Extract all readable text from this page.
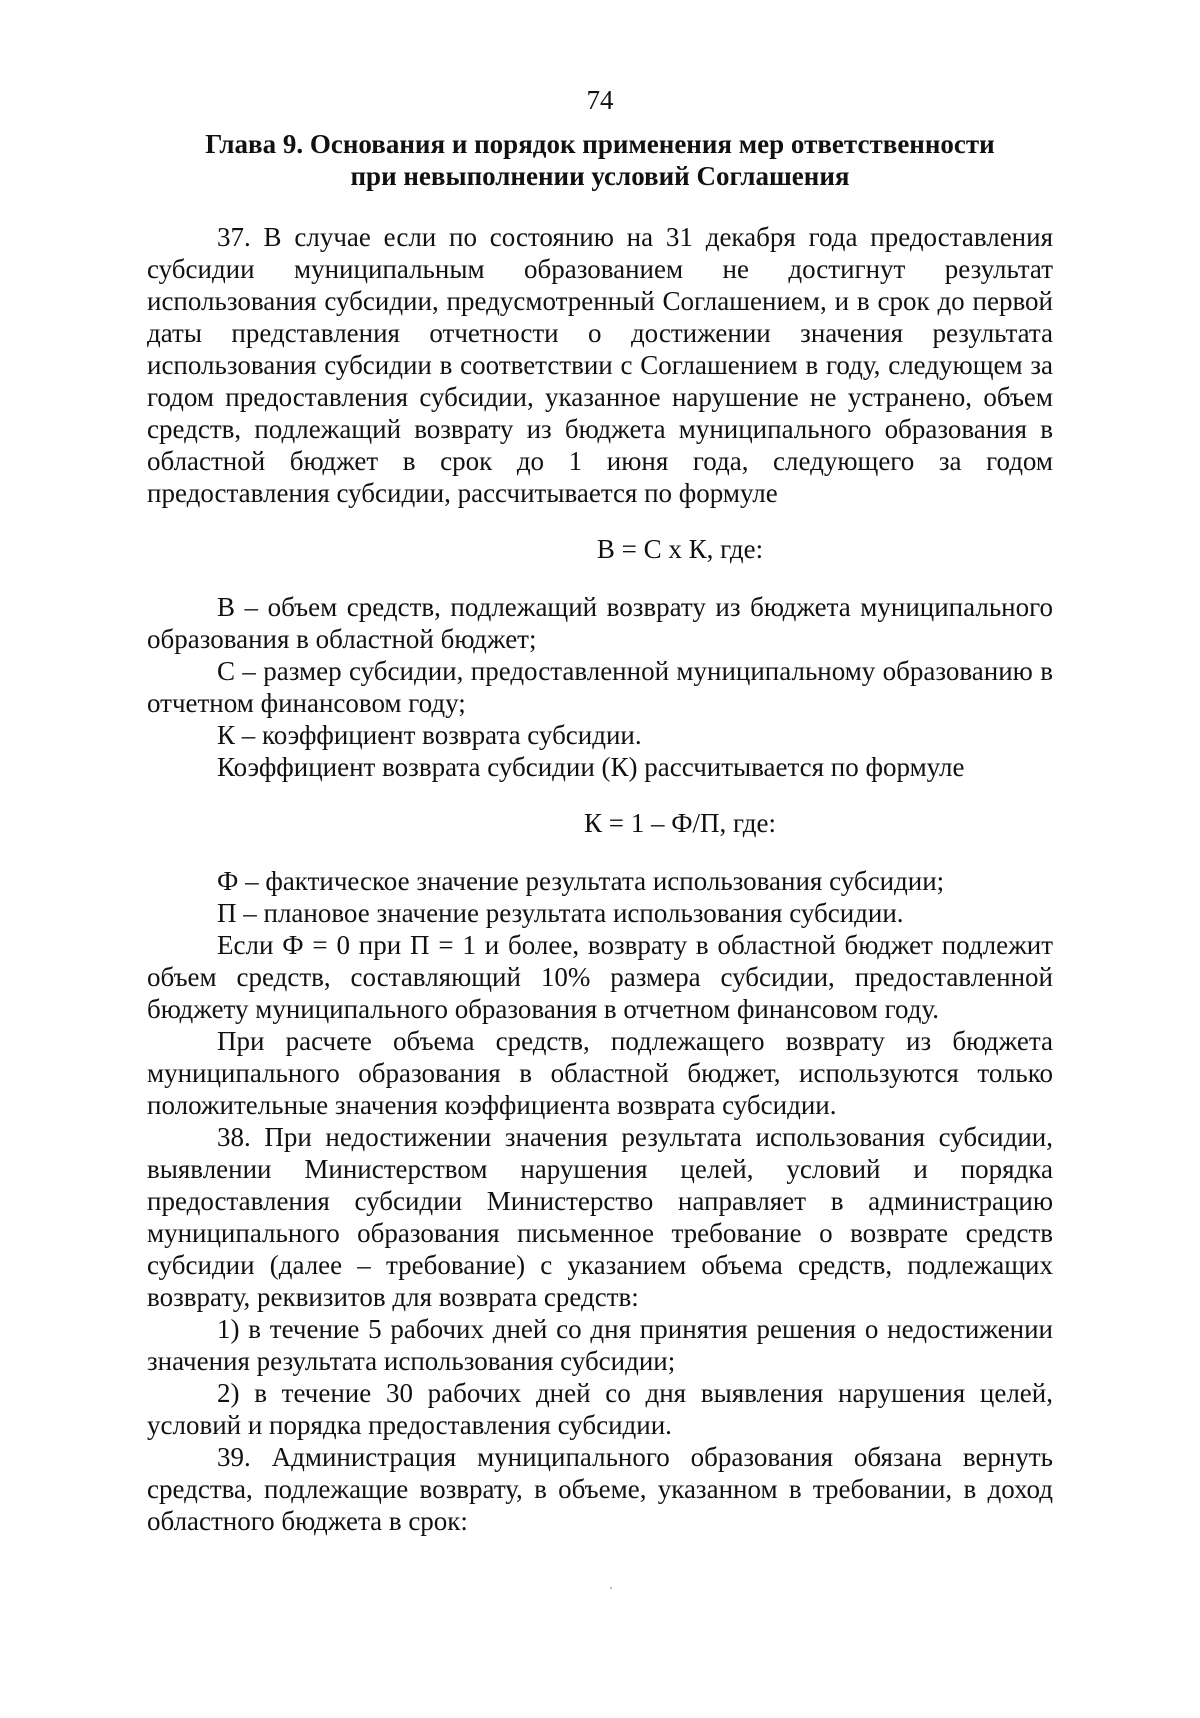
74
Глава 9. Основания и порядок применения мер ответственности
при невыполнении условий Соглашения

37. В случае если по состоянию на 31 декабря года предоставления субсидии муниципальным образованием не достигнут результат использования субсидии, предусмотренный Соглашением, и в срок до первой даты представления отчетности о достижении значения результата использования субсидии в соответствии с Соглашением в году, следующем за годом предоставления субсидии, указанное нарушение не устранено, объем средств, подлежащий возврату из бюджета муниципального образования в областной бюджет в срок до 1 июня года, следующего за годом предоставления субсидии, рассчитывается по формуле

В = С x К, где:

В – объем средств, подлежащий возврату из бюджета муниципального образования в областной бюджет;

С – размер субсидии, предоставленной муниципальному образованию в отчетном финансовом году;

К – коэффициент возврата субсидии.

Коэффициент возврата субсидии (К) рассчитывается по формуле

К = 1 – Ф/П, где:

Ф – фактическое значение результата использования субсидии;

П – плановое значение результата использования субсидии.

Если Ф = 0 при П = 1 и более, возврату в областной бюджет подлежит объем средств, составляющий 10% размера субсидии, предоставленной бюджету муниципального образования в отчетном финансовом году.

При расчете объема средств, подлежащего возврату из бюджета муниципального образования в областной бюджет, используются только положительные значения коэффициента возврата субсидии.

38. При недостижении значения результата использования субсидии, выявлении Министерством нарушения целей, условий и порядка предоставления субсидии Министерство направляет в администрацию муниципального образования письменное требование о возврате средств субсидии (далее – требование) с указанием объема средств, подлежащих возврату, реквизитов для возврата средств:

1) в течение 5 рабочих дней со дня принятия решения о недостижении значения результата использования субсидии;

2) в течение 30 рабочих дней со дня выявления нарушения целей, условий и порядка предоставления субсидии.

39. Администрация муниципального образования обязана вернуть средства, подлежащие возврату, в объеме, указанном в требовании, в доход областного бюджета в срок:
